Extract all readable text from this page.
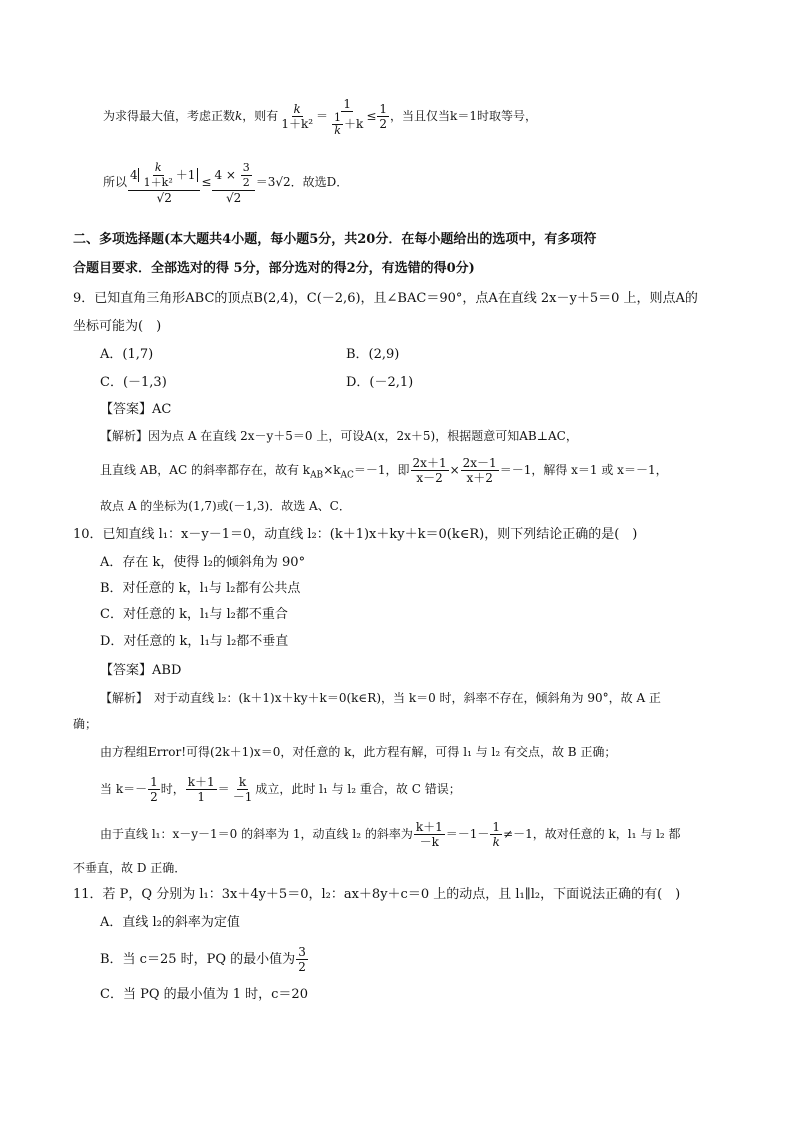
为求得最大值，考虑正数k，则有 $\frac{k}{\text{1＋k²}} = \frac{1}{\frac{1}{k} +k} \le \frac{1}{2}$ ，当且仅当k＝1时取等号，
所以 $\frac{4 \frac{k}{\text{1＋k²}} +1}{√2} \le \frac{4 \times \frac{3}{2}}{√2} =3√2$．故选D．
二、多项选择题(本大题共4小题，每小题5分，共20分．在每小题给出的选项中，有多项符
合题目要求．全部选对的得 5分，部分选对的得2分，有选错的得0分)
9．已知直角三角形ABC的顶点B(2,4)，C(－2,6)，且∠BAC＝90°，点A在直线 2x－y＋5＝0 上，则点A的
坐标可能为(　)
A．(1,7)	B．(2,9)
C．(－1,3)	D．(－2,1)
【答案】AC
【解析】因为点 A 在直线 2x－y＋5＝0 上，可设A(x，2x＋5)，根据题意可知AB⊥AC，
且直线 AB，AC 的斜率都存在，故有 $k_{AB}\times k_{AC}=-1$，即 $\frac{2x+1}{x-2} \times \frac{2x-1}{x+2} =-1$，解得 x＝1 或 x＝－1，
故点 A 的坐标为(1,7)或(－1,3)．故选 A、C．
10．已知直线 l₁：x－y－1＝0，动直线 l₂：(k＋1)x＋ky＋k＝0(k∈R)，则下列结论正确的是(　)
A．存在 k，使得 l₂的倾斜角为 90°
B．对任意的 k，l₁与 l₂都有公共点
C．对任意的 k，l₁与 l₂都不重合
D．对任意的 k，l₁与 l₂都不垂直
【答案】ABD
【解析】　对于动直线 l₂：(k＋1)x＋ky＋k＝0(k∈R)，当 k＝0 时，斜率不存在，倾斜角为 90°，故 A 正
确；
由方程组Error!可得(2k＋1)x＝0，对任意的 k，此方程有解，可得 l₁ 与 l₂ 有交点，故 B 正确；
当 $k=- \frac{1}{2}$ 时， $\frac{k+1}{1} = \frac{k}{-1}$ 成立，此时 l₁ 与 l₂ 重合，故 C 错误；
由于直线 l₁：x－y－1＝0 的斜率为 1，动直线 l₂ 的斜率为 $\frac{k+1}{-k} =-1- \frac{1}{k} \ne-1$，故对任意的 k，l₁ 与 l₂ 都
不垂直，故 D 正确．
11．若 P，Q 分别为 l₁：3x＋4y＋5＝0，l₂：ax＋8y＋c＝0 上的动点，且 l₁∥l₂，下面说法正确的有(　)
A．直线 l₂的斜率为定值
B．当 c＝25 时，PQ 的最小值为 $\frac{3}{2}$
C．当 PQ 的最小值为 1 时，c＝20
